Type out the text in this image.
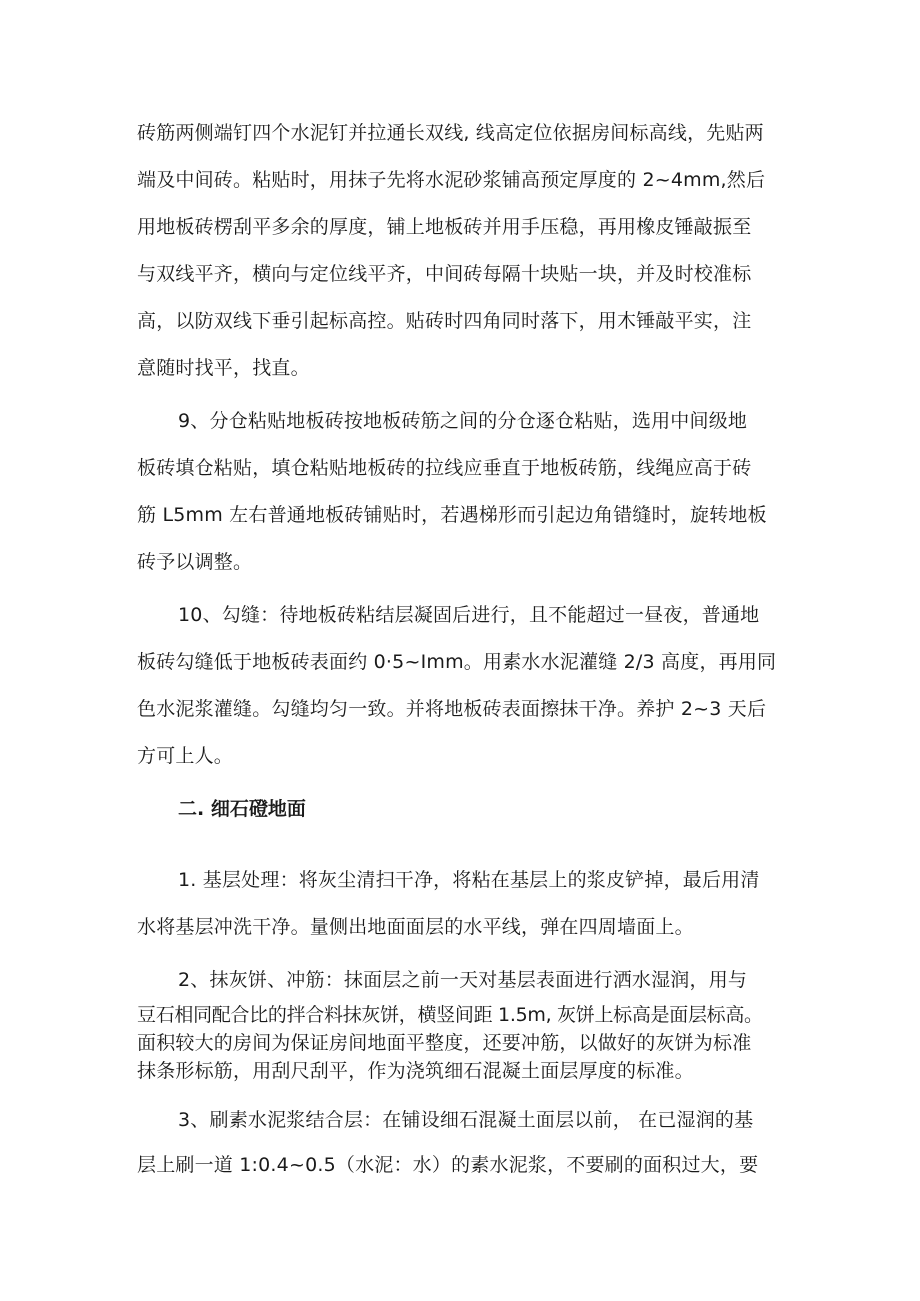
砖筋两侧端钉四个水泥钉并拉通长双线, 线高定位依据房间标高线，先贴两
端及中间砖。粘贴时，用抹子先将水泥砂浆铺高预定厚度的 2~4mm,然后
用地板砖楞刮平多余的厚度，铺上地板砖并用手压稳，再用橡皮锤敲振至
与双线平齐，横向与定位线平齐，中间砖每隔十块贴一块，并及时校准标
高，以防双线下垂引起标高控。贴砖时四角同时落下，用木锤敲平实，注
意随时找平，找直。
9、分仓粘贴地板砖按地板砖筋之间的分仓逐仓粘贴，选用中间级地
板砖填仓粘贴，填仓粘贴地板砖的拉线应垂直于地板砖筋，线绳应高于砖
筋 L5mm 左右普通地板砖铺贴时，若遇梯形而引起边角错缝时，旋转地板
砖予以调整。
10、勾缝：待地板砖粘结层凝固后进行，且不能超过一昼夜，普通地
板砖勾缝低于地板砖表面约 0·5~Imm。用素水水泥灌缝 2/3 高度，再用同
色水泥浆灌缝。勾缝均匀一致。并将地板砖表面擦抹干净。养护 2~3 天后
方可上人。
二. 细石磴地面
1. 基层处理：将灰尘清扫干净，将粘在基层上的浆皮铲掉，最后用清
水将基层冲洗干净。量侧出地面面层的水平线，弹在四周墙面上。
2、抹灰饼、冲筋：抹面层之前一天对基层表面进行洒水湿润，用与
豆石相同配合比的拌合料抹灰饼，横竖间距 1.5m, 灰饼上标高是面层标高。
面积较大的房间为保证房间地面平整度，还要冲筋，以做好的灰饼为标准
抹条形标筋，用刮尺刮平，作为浇筑细石混凝土面层厚度的标准。
3、刷素水泥浆结合层：在铺设细石混凝土面层以前， 在已湿润的基
层上刷一道 1:0.4~0.5（水泥：水）的素水泥浆，不要刷的面积过大，要
